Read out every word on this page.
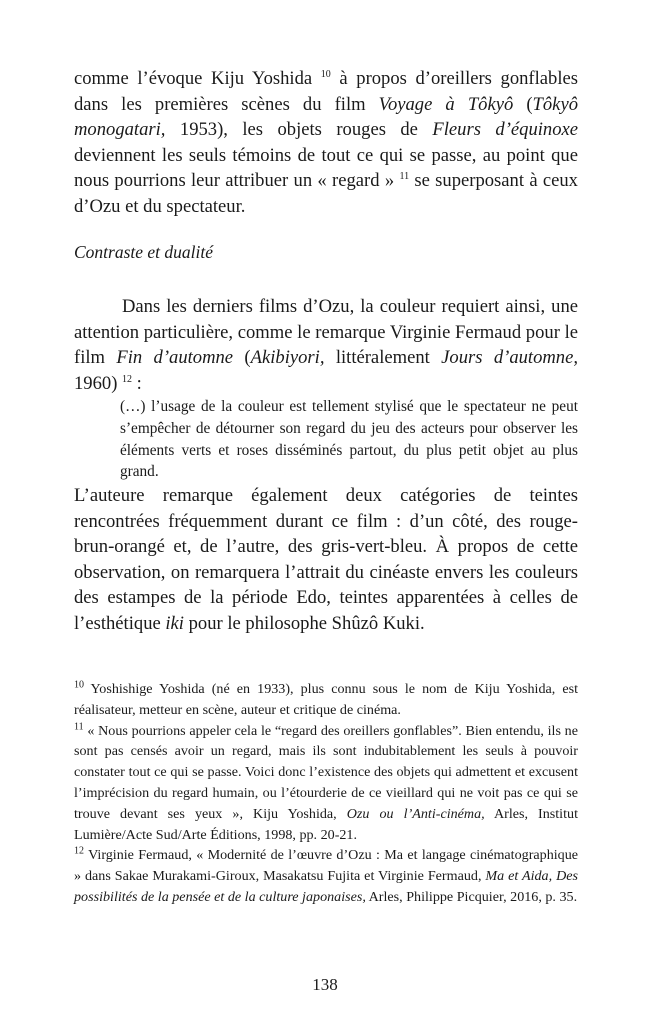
comme l’évoque Kiju Yoshida $^{10}$ à propos d’oreillers gonflables dans les premières scènes du film Voyage à Tôkyô (Tôkyô monogatari, 1953), les objets rouges de Fleurs d’équinoxe deviennent les seuls témoins de tout ce qui se passe, au point que nous pourrions leur attribuer un « regard » $^{11}$ se superposant à ceux d’Ozu et du spectateur.

Contraste et dualité

Dans les derniers films d’Ozu, la couleur requiert ainsi, une attention particulière, comme le remarque Virginie Fermaud pour le film Fin d’automne (Akibiyori, littéralement Jours d’automne, 1960) $^{12}$ :

(…) l’usage de la couleur est tellement stylisé que le spectateur ne peut s’empêcher de détourner son regard du jeu des acteurs pour observer les éléments verts et roses disséminés partout, du plus petit objet au plus grand.

L’auteure remarque également deux catégories de teintes rencontrées fréquemment durant ce film : d’un côté, des rouge-brun-orangé et, de l’autre, des gris-vert-bleu. À propos de cette observation, on remarquera l’attrait du cinéaste envers les couleurs des estampes de la période Edo, teintes apparentées à celles de l’esthétique iki pour le philosophe Shûzô Kuki.

$^{10}$ Yoshishige Yoshida (né en 1933), plus connu sous le nom de Kiju Yoshida, est réalisateur, metteur en scène, auteur et critique de cinéma.

$^{11}$ « Nous pourrions appeler cela le “regard des oreillers gonflables”. Bien entendu, ils ne sont pas censés avoir un regard, mais ils sont indubitablement les seuls à pouvoir constater tout ce qui se passe. Voici donc l’existence des objets qui admettent et excusent l’imprécision du regard humain, ou l’étourderie de ce vieillard qui ne voit pas ce qui se trouve devant ses yeux », Kiju Yoshida, Ozu ou l’Anti-cinéma, Arles, Institut Lumière/Acte Sud/Arte Éditions, 1998, pp. 20-21.

$^{12}$ Virginie Fermaud, « Modernité de l’œuvre d’Ozu : Ma et langage cinématographique » dans Sakae Murakami-Giroux, Masakatsu Fujita et Virginie Fermaud, Ma et Aida, Des possibilités de la pensée et de la culture japonaises, Arles, Philippe Picquier, 2016, p. 35.

138
